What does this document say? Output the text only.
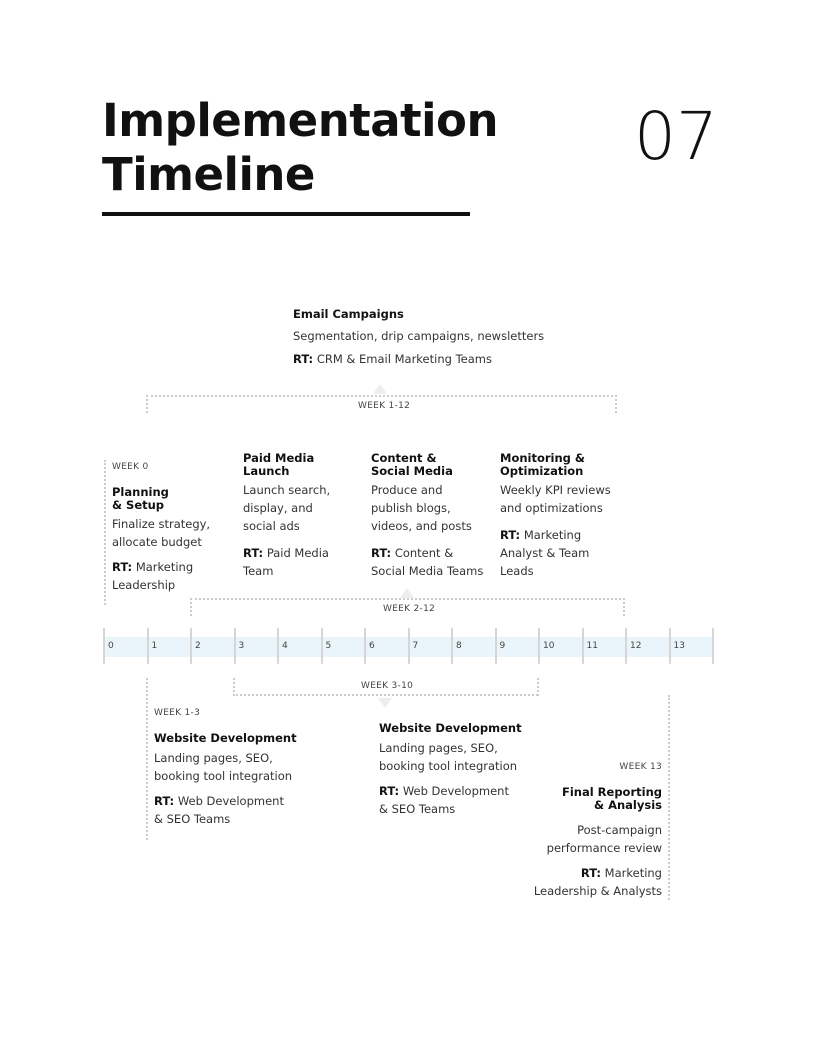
Implementation
Timeline	07
Email Campaigns
Segmentation, drip campaigns, newsletters
RT: CRM & Email Marketing Teams
WEEK 1-12
WEEK 0
Planning
& Setup
Finalize strategy,
allocate budget
RT: Marketing
Leadership
Paid Media
Launch
Launch search,
display, and
social ads
RT: Paid Media
Team
Content &
Social Media
Produce and
publish blogs,
videos, and posts
RT: Content &
Social Media Teams
Monitoring &
Optimization
Weekly KPI reviews
and optimizations
RT: Marketing
Analyst & Team
Leads
WEEK 2-12
0	1	2	3	4	5	6	7	8	9	10	11	12	13
WEEK 3-10
WEEK 1-3
Website Development
Landing pages, SEO,
booking tool integration
RT: Web Development
& SEO Teams
Website Development
Landing pages, SEO,
booking tool integration
RT: Web Development
& SEO Teams
WEEK 13
Final Reporting
& Analysis
Post-campaign
performance review
RT: Marketing
Leadership & Analysts
